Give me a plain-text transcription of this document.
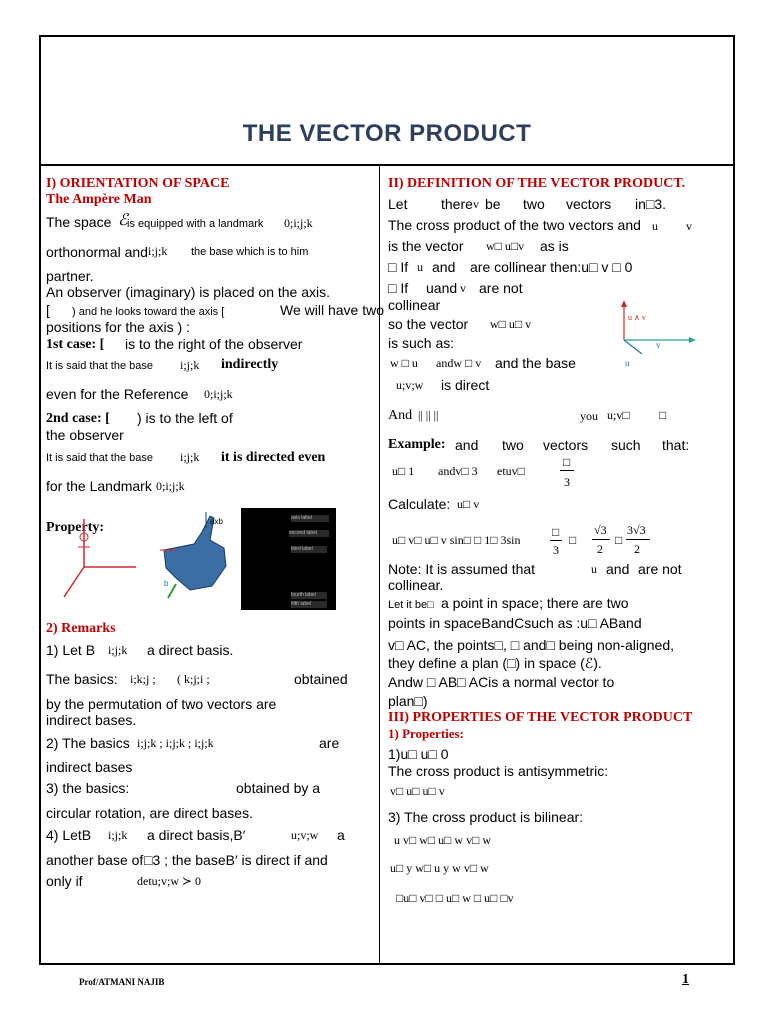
THE VECTOR PRODUCT
I) ORIENTATION OF SPACE
The Ampère Man
The space ℰ is equipped with a landmark 0;i;j;k
orthonormal and i;j;k the base which is to him
partner.
An observer (imaginary) is placed on the axis.
[ ) and he looks toward the axis [	We will have two
positions for the axis ) :
1st case: [ is to the right of the observer
It is said that the base i;j;k indirectly
even for the Reference 0;i;j;k
2nd case: [ ) is to the left of
the observer
It is said that the base i;j;k it is directed even
for the Landmark 0;i;j;k
Property:	axb
b
axis label
second label
third label
fourth label
fifth label
2) Remarks
1) Let B i;j;k a direct basis.
The basics: i;k;j ; ( k;j;i ;	obtained
by the permutation of two vectors are
indirect bases.
2) The basics i;j;k ; i;j;k ; i;j;k	are
indirect bases
3) the basics:	obtained by a
circular rotation, are direct bases.
4) LetB i;j;k a direct basis,B′	u;v;w a
another base of □3 ; the baseB′ is direct if and
only if	detu;v;w ≻ 0
II) DEFINITION OF THE VECTOR PRODUCT.
Let there v be two vectors in□3.
The cross product of the two vectors and u v
is the vector w□ u□v as is
□ If u and are collinear then:u□ v □ 0
□ If uand v are not
collinear
so the vector w□ u□ v
is such as:
w □ u andw □ v and the base
u;v;w is direct
u ∧ v
v
u
And || || ||	you u;v□ □
Example: and two vectors such that:
u□ 1 andv□ 3 etuv□
□
3
Calculate: u□ v
u□ v□ u□ v sin□ □ 1□ 3sin
□
3
□
√3
2
□
3√3
2
Note: It is assumed that	u and are not
collinear.
Let it be□ a point in space; there are two
points in spaceBandCsuch as :u□ ABand
v□ AC, the points□, □ and□ being non-aligned,
they define a plan (□) in space (ℰ).
Andw □ AB□ ACis a normal vector to
plan□)
III) PROPERTIES OF THE VECTOR PRODUCT
1) Properties:
1)u□ u□ 0
The cross product is antisymmetric:
v□ u□ u□ v
3) The cross product is bilinear:
u v□ w□ u□ w v□ w
u□ y w□ u y w v□ w
□u□ v□ □ u□ w □ u□ □v
Prof/ATMANI NAJIB	1
